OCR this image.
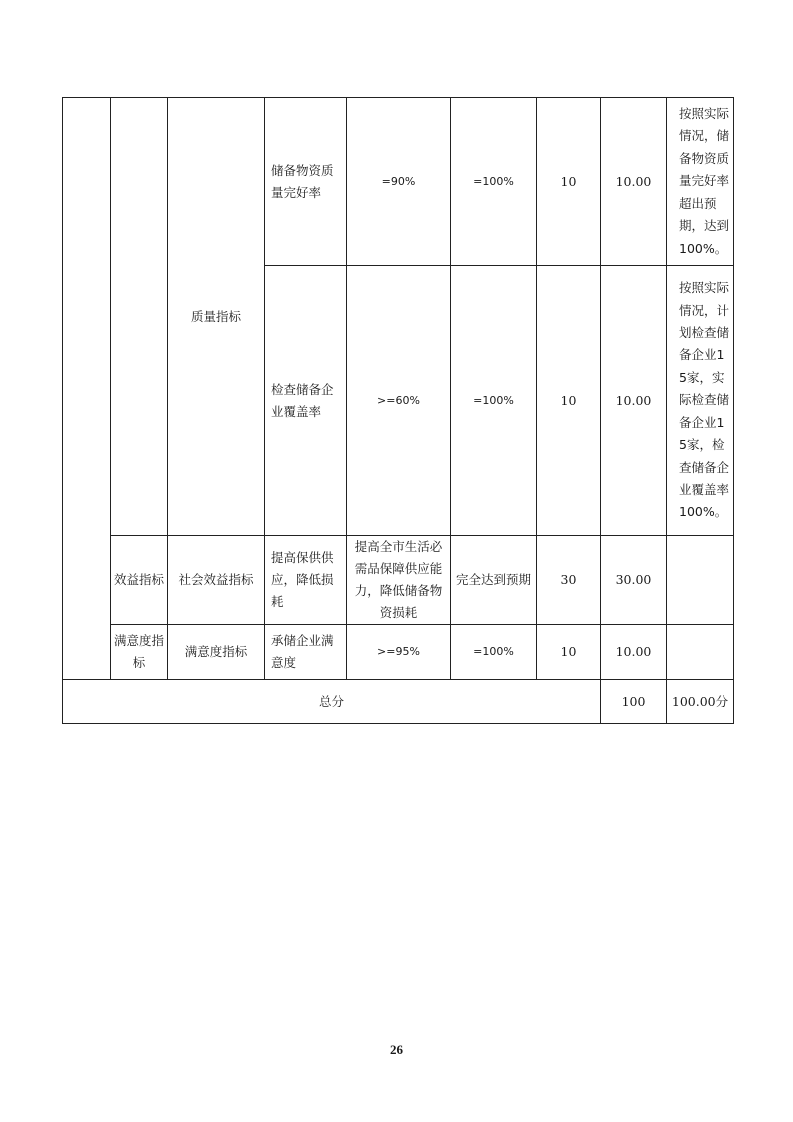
		质量指标	储备物资质量完好率	=90%	=100%	10	10.00	按照实际情况，储备物资质量完好率超出预期，达到100%。	
			检查储备企业覆盖率	>=60%	=100%	10	10.00	按照实际情况，计划检查储备企业15家，实际检查储备企业15家，检查储备企业覆盖率100%。	
	效益指标	社会效益指标	提高保供供应，降低损耗	提高全市生活必需品保障供应能力，降低储备物资损耗	完全达到预期	30	30.00		
	满意度指标	满意度指标	承储企业满意度	>=95%	=100%	10	10.00		
总分							100	100.00分	
26
